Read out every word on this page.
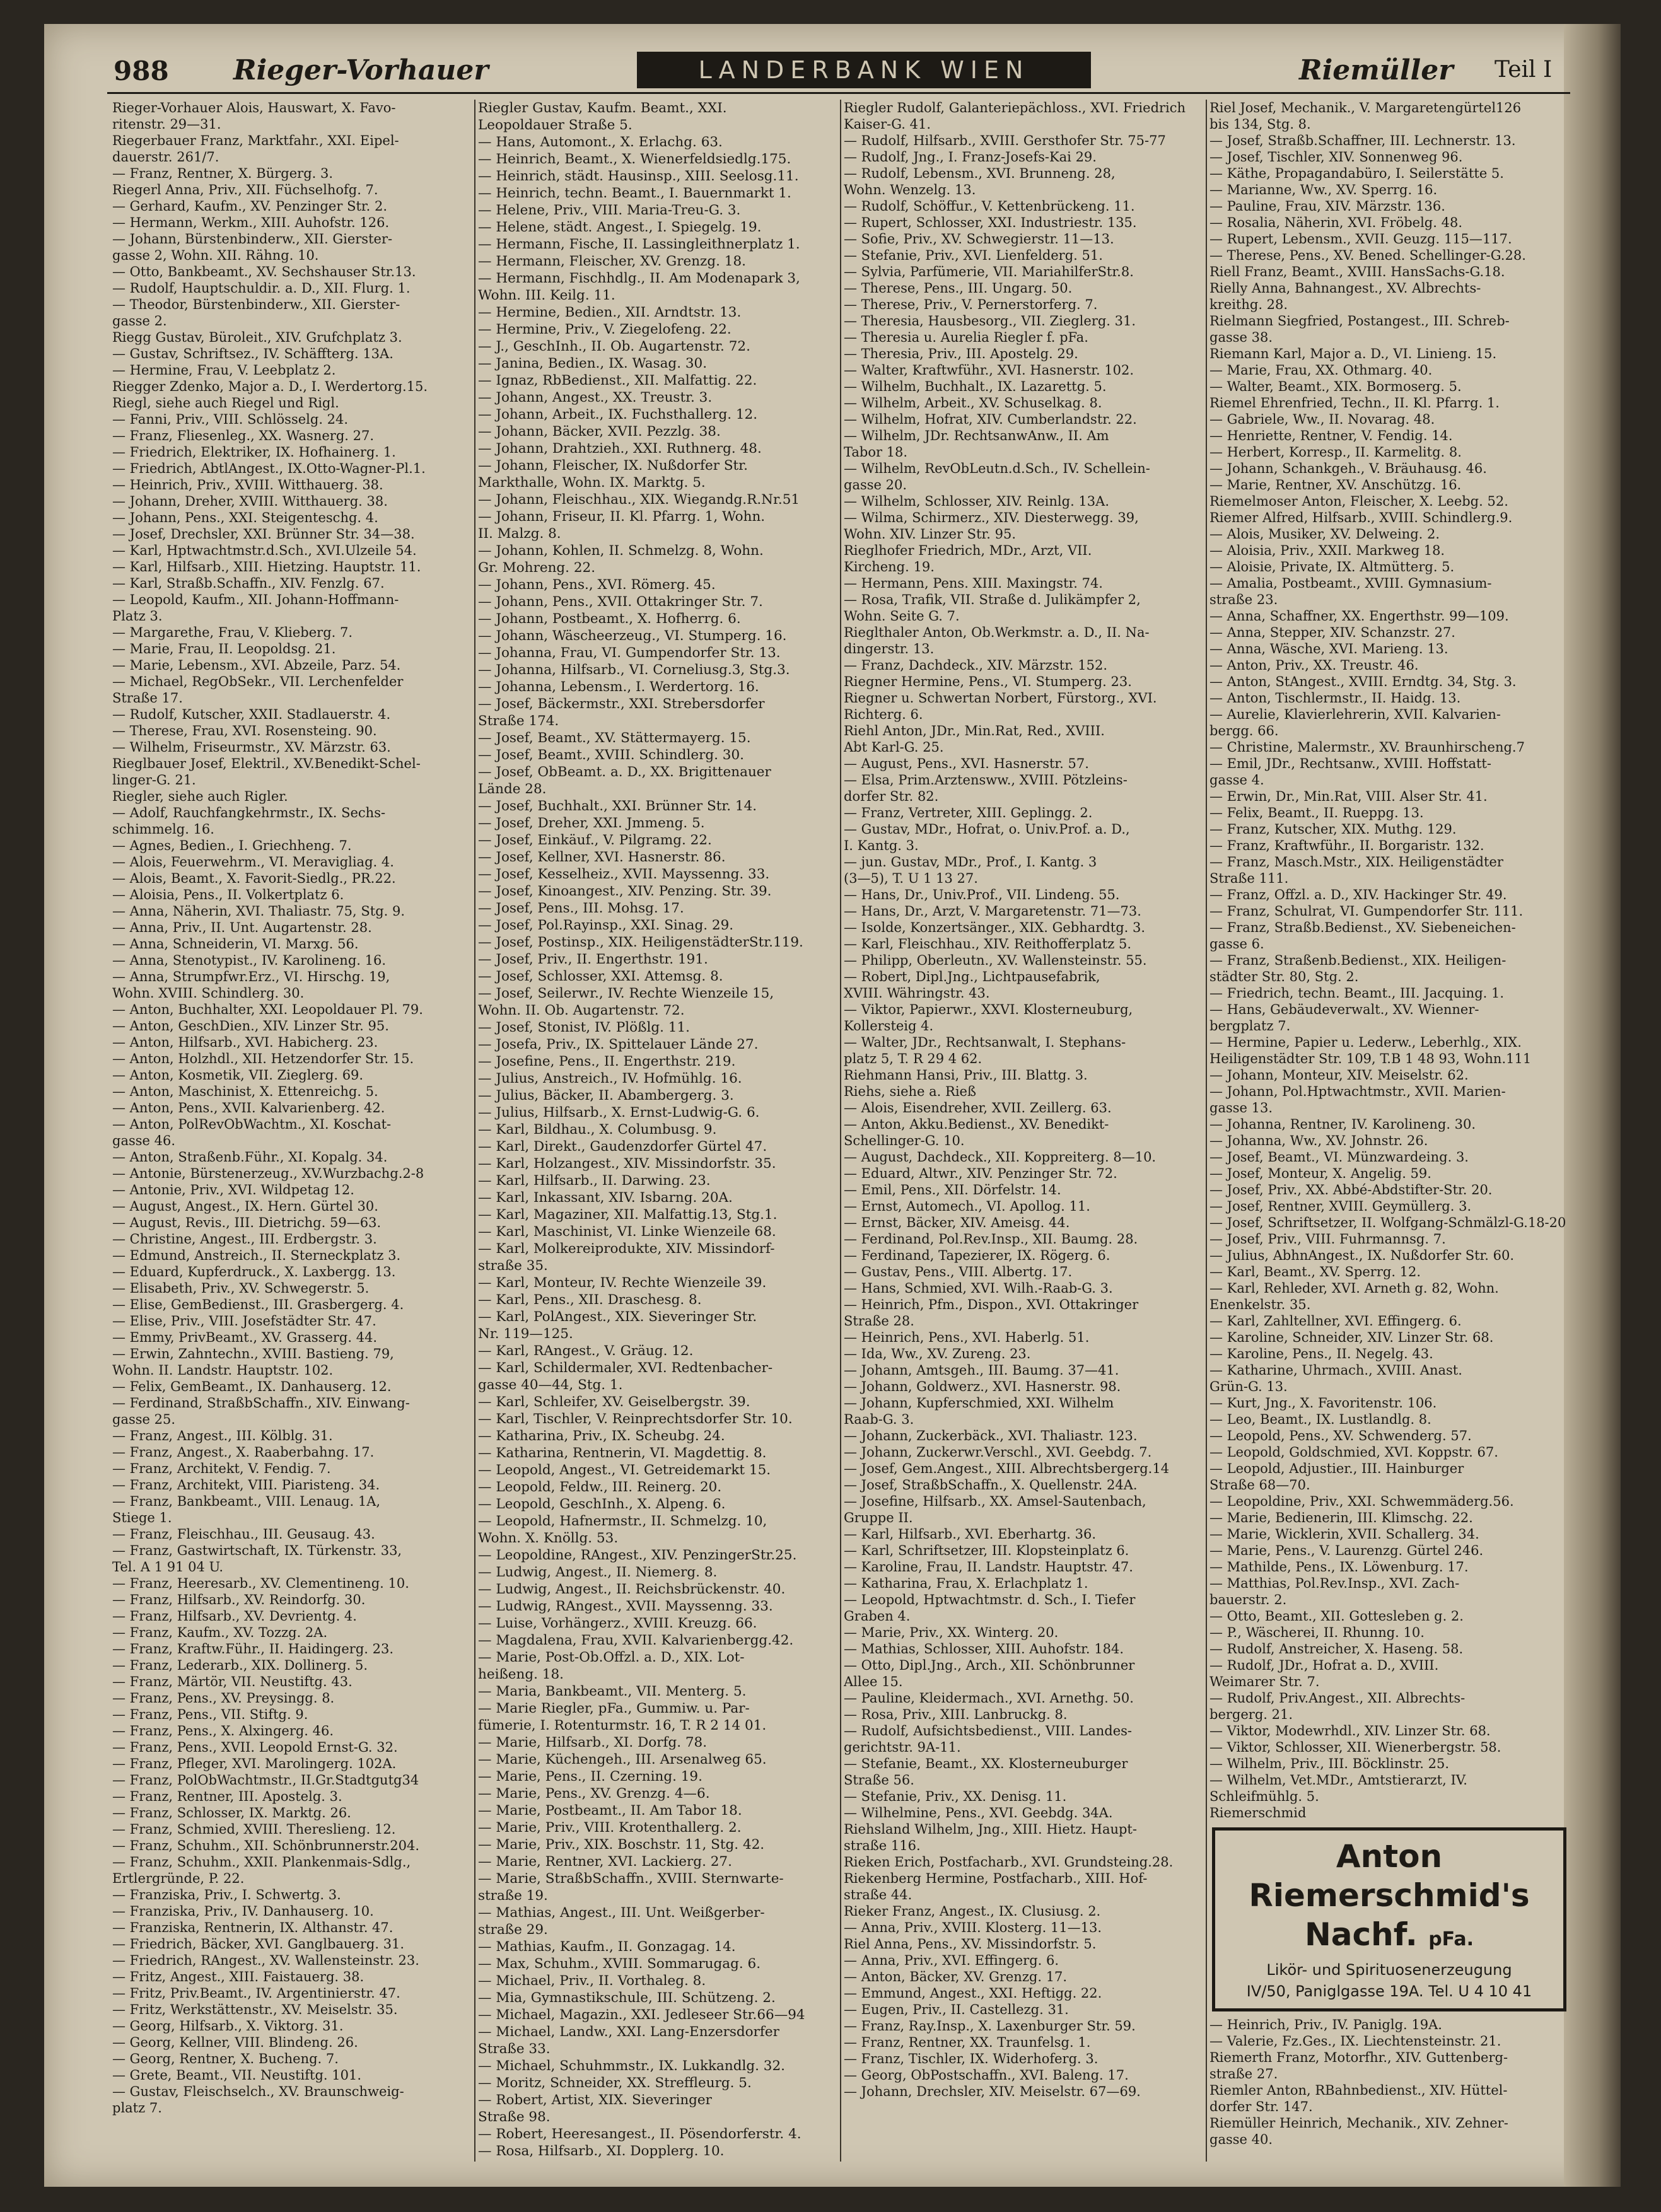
988 Rieger-Vorhauer	LANDERBANK WIEN	Riemüller Teil I
Rieger-Vorhauer Alois, Hauswart, X. Favo-
ritenstr. 29—31.
Riegerbauer Franz, Marktfahr., XXI. Eipel-
dauerstr. 261/7.
— Franz, Rentner, X. Bürgerg. 3.
Riegerl Anna, Priv., XII. Füchselhofg. 7.
— Gerhard, Kaufm., XV. Penzinger Str. 2.
— Hermann, Werkm., XIII. Auhofstr. 126.
— Johann, Bürstenbinderw., XII. Gierster-
gasse 2, Wohn. XII. Rähng. 10.
— Otto, Bankbeamt., XV. Sechshauser Str.13.
— Rudolf, Hauptschuldir. a. D., XII. Flurg. 1.
— Theodor, Bürstenbinderw., XII. Gierster-
gasse 2.
Riegg Gustav, Büroleit., XIV. Grufchplatz 3.
— Gustav, Schriftsez., IV. Schäffterg. 13A.
— Hermine, Frau, V. Leebplatz 2.
Riegger Zdenko, Major a. D., I. Werdertorg.15.
Riegl, siehe auch Riegel und Rigl.
— Fanni, Priv., VIII. Schlösselg. 24.
— Franz, Fliesenleg., XX. Wasnerg. 27.
— Friedrich, Elektriker, IX. Hofhainerg. 1.
— Friedrich, AbtlAngest., IX.Otto-Wagner-Pl.1.
— Heinrich, Priv., XVIII. Witthauerg. 38.
— Johann, Dreher, XVIII. Witthauerg. 38.
— Johann, Pens., XXI. Steigenteschg. 4.
— Josef, Drechsler, XXI. Brünner Str. 34—38.
— Karl, Hptwachtmstr.d.Sch., XVI.Ulzeile 54.
— Karl, Hilfsarb., XIII. Hietzing. Hauptstr. 11.
— Karl, Straßb.Schaffn., XIV. Fenzlg. 67.
— Leopold, Kaufm., XII. Johann-Hoffmann-
Platz 3.
— Margarethe, Frau, V. Klieberg. 7.
— Marie, Frau, II. Leopoldsg. 21.
— Marie, Lebensm., XVI. Abzeile, Parz. 54.
— Michael, RegObSekr., VII. Lerchenfelder
Straße 17.
— Rudolf, Kutscher, XXII. Stadlauerstr. 4.
— Therese, Frau, XVI. Rosensteing. 90.
— Wilhelm, Friseurmstr., XV. Märzstr. 63.
Rieglbauer Josef, Elektril., XV.Benedikt-Schel-
linger-G. 21.
Riegler, siehe auch Rigler.
— Adolf, Rauchfangkehrmstr., IX. Sechs-
schimmelg. 16.
— Agnes, Bedien., I. Griechheng. 7.
— Alois, Feuerwehrm., VI. Meravigliag. 4.
— Alois, Beamt., X. Favorit-Siedlg., PR.22.
— Aloisia, Pens., II. Volkertplatz 6.
— Anna, Näherin, XVI. Thaliastr. 75, Stg. 9.
— Anna, Priv., II. Unt. Augartenstr. 28.
— Anna, Schneiderin, VI. Marxg. 56.
— Anna, Stenotypist., IV. Karolineng. 16.
— Anna, Strumpfwr.Erz., VI. Hirschg. 19,
Wohn. XVIII. Schindlerg. 30.
— Anton, Buchhalter, XXI. Leopoldauer Pl. 79.
— Anton, GeschDien., XIV. Linzer Str. 95.
— Anton, Hilfsarb., XVI. Habicherg. 23.
— Anton, Holzhdl., XII. Hetzendorfer Str. 15.
— Anton, Kosmetik, VII. Zieglerg. 69.
— Anton, Maschinist, X. Ettenreichg. 5.
— Anton, Pens., XVII. Kalvarienberg. 42.
— Anton, PolRevObWachtm., XI. Koschat-
gasse 46.
— Anton, Straßenb.Führ., XI. Kopalg. 34.
— Antonie, Bürstenerzeug., XV.Wurzbachg.2-8
— Antonie, Priv., XVI. Wildpetag 12.
— August, Angest., IX. Hern. Gürtel 30.
— August, Revis., III. Dietrichg. 59—63.
— Christine, Angest., III. Erdbergstr. 3.
— Edmund, Anstreich., II. Sterneckplatz 3.
— Eduard, Kupferdruck., X. Laxbergg. 13.
— Elisabeth, Priv., XV. Schwegerstr. 5.
— Elise, GemBedienst., III. Grasbergerg. 4.
— Elise, Priv., VIII. Josefstädter Str. 47.
— Emmy, PrivBeamt., XV. Grasserg. 44.
— Erwin, Zahntechn., XVIII. Bastieng. 79,
Wohn. II. Landstr. Hauptstr. 102.
— Felix, GemBeamt., IX. Danhauserg. 12.
— Ferdinand, StraßbSchaffn., XIV. Einwang-
gasse 25.
— Franz, Angest., III. Kölblg. 31.
— Franz, Angest., X. Raaberbahng. 17.
— Franz, Architekt, V. Fendig. 7.
— Franz, Architekt, VIII. Piaristeng. 34.
— Franz, Bankbeamt., VIII. Lenaug. 1A,
Stiege 1.
— Franz, Fleischhau., III. Geusaug. 43.
— Franz, Gastwirtschaft, IX. Türkenstr. 33,
Tel. A 1 91 04 U.
— Franz, Heeresarb., XV. Clementineng. 10.
— Franz, Hilfsarb., XV. Reindorfg. 30.
— Franz, Hilfsarb., XV. Devrientg. 4.
— Franz, Kaufm., XV. Tozzg. 2A.
— Franz, Kraftw.Führ., II. Haidingerg. 23.
— Franz, Lederarb., XIX. Dollinerg. 5.
— Franz, Märtör, VII. Neustiftg. 43.
— Franz, Pens., XV. Preysingg. 8.
— Franz, Pens., VII. Stiftg. 9.
— Franz, Pens., X. Alxingerg. 46.
— Franz, Pens., XVII. Leopold Ernst-G. 32.
— Franz, Pfleger, XVI. Marolingerg. 102A.
— Franz, PolObWachtmstr., II.Gr.Stadtgutg34
— Franz, Rentner, III. Apostelg. 3.
— Franz, Schlosser, IX. Marktg. 26.
— Franz, Schmied, XVIII. Thereslieng. 12.
— Franz, Schuhm., XII. Schönbrunnerstr.204.
— Franz, Schuhm., XXII. Plankenmais-Sdlg.,
Ertlergründe, P. 22.
— Franziska, Priv., I. Schwertg. 3.
— Franziska, Priv., IV. Danhauserg. 10.
— Franziska, Rentnerin, IX. Althanstr. 47.
— Friedrich, Bäcker, XVI. Ganglbauerg. 31.
— Friedrich, RAngest., XV. Wallensteinstr. 23.
— Fritz, Angest., XIII. Faistauerg. 38.
— Fritz, Priv.Beamt., IV. Argentinierstr. 47.
— Fritz, Werkstättenstr., XV. Meiselstr. 35.
— Georg, Hilfsarb., X. Viktorg. 31.
— Georg, Kellner, VIII. Blindeng. 26.
— Georg, Rentner, X. Bucheng. 7.
— Grete, Beamt., VII. Neustiftg. 101.
— Gustav, Fleischselch., XV. Braunschweig-
platz 7.
Riegler Gustav, Kaufm. Beamt., XXI.
Leopoldauer Straße 5.
— Hans, Automont., X. Erlachg. 63.
— Heinrich, Beamt., X. Wienerfeldsiedlg.175.
— Heinrich, städt. Hausinsp., XIII. Seelosg.11.
— Heinrich, techn. Beamt., I. Bauernmarkt 1.
— Helene, Priv., VIII. Maria-Treu-G. 3.
— Helene, städt. Angest., I. Spiegelg. 19.
— Hermann, Fische, II. Lassingleithnerplatz 1.
— Hermann, Fleischer, XV. Grenzg. 18.
— Hermann, Fischhdlg., II. Am Modenapark 3,
Wohn. III. Keilg. 11.
— Hermine, Bedien., XII. Arndtstr. 13.
— Hermine, Priv., V. Ziegelofeng. 22.
— J., GeschInh., II. Ob. Augartenstr. 72.
— Janina, Bedien., IX. Wasag. 30.
— Ignaz, RbBedienst., XII. Malfattig. 22.
— Johann, Angest., XX. Treustr. 3.
— Johann, Arbeit., IX. Fuchsthallerg. 12.
— Johann, Bäcker, XVII. Pezzlg. 38.
— Johann, Drahtzieh., XXI. Ruthnerg. 48.
— Johann, Fleischer, IX. Nußdorfer Str.
Markthalle, Wohn. IX. Marktg. 5.
— Johann, Fleischhau., XIX. Wiegandg.R.Nr.51
— Johann, Friseur, II. Kl. Pfarrg. 1, Wohn.
II. Malzg. 8.
— Johann, Kohlen, II. Schmelzg. 8, Wohn.
Gr. Mohreng. 22.
— Johann, Pens., XVI. Römerg. 45.
— Johann, Pens., XVII. Ottakringer Str. 7.
— Johann, Postbeamt., X. Hofherrg. 6.
— Johann, Wäscheerzeug., VI. Stumperg. 16.
— Johanna, Frau, VI. Gumpendorfer Str. 13.
— Johanna, Hilfsarb., VI. Corneliusg.3, Stg.3.
— Johanna, Lebensm., I. Werdertorg. 16.
— Josef, Bäckermstr., XXI. Strebersdorfer
Straße 174.
— Josef, Beamt., XV. Stättermayerg. 15.
— Josef, Beamt., XVIII. Schindlerg. 30.
— Josef, ObBeamt. a. D., XX. Brigittenauer
Lände 28.
— Josef, Buchhalt., XXI. Brünner Str. 14.
— Josef, Dreher, XXI. Jmmeng. 5.
— Josef, Einkäuf., V. Pilgramg. 22.
— Josef, Kellner, XVI. Hasnerstr. 86.
— Josef, Kesselheiz., XVII. Mayssenng. 33.
— Josef, Kinoangest., XIV. Penzing. Str. 39.
— Josef, Pens., III. Mohsg. 17.
— Josef, Pol.Rayinsp., XXI. Sinag. 29.
— Josef, Postinsp., XIX. HeiligenstädterStr.119.
— Josef, Priv., II. Engerthstr. 191.
— Josef, Schlosser, XXI. Attemsg. 8.
— Josef, Seilerwr., IV. Rechte Wienzeile 15,
Wohn. II. Ob. Augartenstr. 72.
— Josef, Stonist, IV. Plößlg. 11.
— Josefa, Priv., IX. Spittelauer Lände 27.
— Josefine, Pens., II. Engerthstr. 219.
— Julius, Anstreich., IV. Hofmühlg. 16.
— Julius, Bäcker, II. Abambergerg. 3.
— Julius, Hilfsarb., X. Ernst-Ludwig-G. 6.
— Karl, Bildhau., X. Columbusg. 9.
— Karl, Direkt., Gaudenzdorfer Gürtel 47.
— Karl, Holzangest., XIV. Missindorfstr. 35.
— Karl, Hilfsarb., II. Darwing. 23.
— Karl, Inkassant, XIV. Isbarng. 20A.
— Karl, Magaziner, XII. Malfattig.13, Stg.1.
— Karl, Maschinist, VI. Linke Wienzeile 68.
— Karl, Molkereiprodukte, XIV. Missindorf-
straße 35.
— Karl, Monteur, IV. Rechte Wienzeile 39.
— Karl, Pens., XII. Draschesg. 8.
— Karl, PolAngest., XIX. Sieveringer Str.
Nr. 119—125.
— Karl, RAngest., V. Gräug. 12.
— Karl, Schildermaler, XVI. Redtenbacher-
gasse 40—44, Stg. 1.
— Karl, Schleifer, XV. Geiselbergstr. 39.
— Karl, Tischler, V. Reinprechtsdorfer Str. 10.
— Katharina, Priv., IX. Scheubg. 24.
— Katharina, Rentnerin, VI. Magdettig. 8.
— Leopold, Angest., VI. Getreidemarkt 15.
— Leopold, Feldw., III. Reinerg. 20.
— Leopold, GeschInh., X. Alpeng. 6.
— Leopold, Hafnermstr., II. Schmelzg. 10,
Wohn. X. Knöllg. 53.
— Leopoldine, RAngest., XIV. PenzingerStr.25.
— Ludwig, Angest., II. Niemerg. 8.
— Ludwig, Angest., II. Reichsbrückenstr. 40.
— Ludwig, RAngest., XVII. Mayssenng. 33.
— Luise, Vorhängerz., XVIII. Kreuzg. 66.
— Magdalena, Frau, XVII. Kalvarienbergg.42.
— Marie, Post-Ob.Offzl. a. D., XIX. Lot-
heißeng. 18.
— Maria, Bankbeamt., VII. Menterg. 5.
— Marie Riegler, pFa., Gummiw. u. Par-
fümerie, I. Rotenturmstr. 16, T. R 2 14 01.
— Marie, Hilfsarb., XI. Dorfg. 78.
— Marie, Küchengeh., III. Arsenalweg 65.
— Marie, Pens., II. Czerning. 19.
— Marie, Pens., XV. Grenzg. 4—6.
— Marie, Postbeamt., II. Am Tabor 18.
— Marie, Priv., VIII. Krotenthallerg. 2.
— Marie, Priv., XIX. Boschstr. 11, Stg. 42.
— Marie, Rentner, XVI. Lackierg. 27.
— Marie, StraßbSchaffn., XVIII. Sternwarte-
straße 19.
— Mathias, Angest., III. Unt. Weißgerber-
straße 29.
— Mathias, Kaufm., II. Gonzagag. 14.
— Max, Schuhm., XVIII. Sommarugag. 6.
— Michael, Priv., II. Vorthaleg. 8.
— Mia, Gymnastikschule, III. Schützeng. 2.
— Michael, Magazin., XXI. Jedleseer Str.66—94
— Michael, Landw., XXI. Lang-Enzersdorfer
Straße 33.
— Michael, Schuhmmstr., IX. Lukkandlg. 32.
— Moritz, Schneider, XX. Streffleurg. 5.
— Robert, Artist, XIX. Sieveringer
Straße 98.
— Robert, Heeresangest., II. Pösendorferstr. 4.
— Rosa, Hilfsarb., XI. Dopplerg. 10.
Riegler Rudolf, Galanteriepächloss., XVI. Friedrich
Kaiser-G. 41.
— Rudolf, Hilfsarb., XVIII. Gersthofer Str. 75-77
— Rudolf, Jng., I. Franz-Josefs-Kai 29.
— Rudolf, Lebensm., XVI. Brunneng. 28,
Wohn. Wenzelg. 13.
— Rudolf, Schöffur., V. Kettenbrückeng. 11.
— Rupert, Schlosser, XXI. Industriestr. 135.
— Sofie, Priv., XV. Schwegierstr. 11—13.
— Stefanie, Priv., XVI. Lienfelderg. 51.
— Sylvia, Parfümerie, VII. MariahilferStr.8.
— Therese, Pens., III. Ungarg. 50.
— Therese, Priv., V. Pernerstorferg. 7.
— Theresia, Hausbesorg., VII. Zieglerg. 31.
— Theresia u. Aurelia Riegler f. pFa.
— Theresia, Priv., III. Apostelg. 29.
— Walter, Kraftwführ., XVI. Hasnerstr. 102.
— Wilhelm, Buchhalt., IX. Lazarettg. 5.
— Wilhelm, Arbeit., XV. Schuselkag. 8.
— Wilhelm, Hofrat, XIV. Cumberlandstr. 22.
— Wilhelm, JDr. RechtsanwAnw., II. Am
Tabor 18.
— Wilhelm, RevObLeutn.d.Sch., IV. Schellein-
gasse 20.
— Wilhelm, Schlosser, XIV. Reinlg. 13A.
— Wilma, Schirmerz., XIV. Diesterwegg. 39,
Wohn. XIV. Linzer Str. 95.
Rieglhofer Friedrich, MDr., Arzt, VII.
Kircheng. 19.
— Hermann, Pens. XIII. Maxingstr. 74.
— Rosa, Trafik, VII. Straße d. Julikämpfer 2,
Wohn. Seite G. 7.
Rieglthaler Anton, Ob.Werkmstr. a. D., II. Na-
dingerstr. 13.
— Franz, Dachdeck., XIV. Märzstr. 152.
Riegner Hermine, Pens., VI. Stumperg. 23.
Riegner u. Schwertan Norbert, Fürstorg., XVI.
Richterg. 6.
Riehl Anton, JDr., Min.Rat, Red., XVIII.
Abt Karl-G. 25.
— August, Pens., XVI. Hasnerstr. 57.
— Elsa, Prim.Arztensww., XVIII. Pötzleins-
dorfer Str. 82.
— Franz, Vertreter, XIII. Geplingg. 2.
— Gustav, MDr., Hofrat, o. Univ.Prof. a. D.,
I. Kantg. 3.
— jun. Gustav, MDr., Prof., I. Kantg. 3
(3—5), T. U 1 13 27.
— Hans, Dr., Univ.Prof., VII. Lindeng. 55.
— Hans, Dr., Arzt, V. Margaretenstr. 71—73.
— Isolde, Konzertsänger., XIX. Gebhardtg. 3.
— Karl, Fleischhau., XIV. Reithofferplatz 5.
— Philipp, Oberleutn., XV. Wallensteinstr. 55.
— Robert, Dipl.Jng., Lichtpausefabrik,
XVIII. Währingstr. 43.
— Viktor, Papierwr., XXVI. Klosterneuburg,
Kollersteig 4.
— Walter, JDr., Rechtsanwalt, I. Stephans-
platz 5, T. R 29 4 62.
Riehmann Hansi, Priv., III. Blattg. 3.
Riehs, siehe a. Rieß
— Alois, Eisendreher, XVII. Zeillerg. 63.
— Anton, Akku.Bedienst., XV. Benedikt-
Schellinger-G. 10.
— August, Dachdeck., XII. Koppreiterg. 8—10.
— Eduard, Altwr., XIV. Penzinger Str. 72.
— Emil, Pens., XII. Dörfelstr. 14.
— Ernst, Automech., VI. Apollog. 11.
— Ernst, Bäcker, XIV. Ameisg. 44.
— Ferdinand, Pol.Rev.Insp., XII. Baumg. 28.
— Ferdinand, Tapezierer, IX. Rögerg. 6.
— Gustav, Pens., VIII. Albertg. 17.
— Hans, Schmied, XVI. Wilh.-Raab-G. 3.
— Heinrich, Pfm., Dispon., XVI. Ottakringer
Straße 28.
— Heinrich, Pens., XVI. Haberlg. 51.
— Ida, Ww., XV. Zureng. 23.
— Johann, Amtsgeh., III. Baumg. 37—41.
— Johann, Goldwerz., XVI. Hasnerstr. 98.
— Johann, Kupferschmied, XXI. Wilhelm
Raab-G. 3.
— Johann, Zuckerbäck., XVI. Thaliastr. 123.
— Johann, Zuckerwr.Verschl., XVI. Geebdg. 7.
— Josef, Gem.Angest., XIII. Albrechtsbergerg.14
— Josef, StraßbSchaffn., X. Quellenstr. 24A.
— Josefine, Hilfsarb., XX. Amsel-Sautenbach,
Gruppe II.
— Karl, Hilfsarb., XVI. Eberhartg. 36.
— Karl, Schriftsetzer, III. Klopsteinplatz 6.
— Karoline, Frau, II. Landstr. Hauptstr. 47.
— Katharina, Frau, X. Erlachplatz 1.
— Leopold, Hptwachtmstr. d. Sch., I. Tiefer
Graben 4.
— Marie, Priv., XX. Winterg. 20.
— Mathias, Schlosser, XIII. Auhofstr. 184.
— Otto, Dipl.Jng., Arch., XII. Schönbrunner
Allee 15.
— Pauline, Kleidermach., XVI. Arnethg. 50.
— Rosa, Priv., XIII. Lanbruckg. 8.
— Rudolf, Aufsichtsbedienst., VIII. Landes-
gerichtstr. 9A-11.
— Stefanie, Beamt., XX. Klosterneuburger
Straße 56.
— Stefanie, Priv., XX. Denisg. 11.
— Wilhelmine, Pens., XVI. Geebdg. 34A.
Riehsland Wilhelm, Jng., XIII. Hietz. Haupt-
straße 116.
Rieken Erich, Postfacharb., XVI. Grundsteing.28.
Riekenberg Hermine, Postfacharb., XIII. Hof-
straße 44.
Rieker Franz, Angest., IX. Clusiusg. 2.
— Anna, Priv., XVIII. Klosterg. 11—13.
Riel Anna, Pens., XV. Missindorfstr. 5.
— Anna, Priv., XVI. Effingerg. 6.
— Anton, Bäcker, XV. Grenzg. 17.
— Emmund, Angest., XXI. Heftigg. 22.
— Eugen, Priv., II. Castellezg. 31.
— Franz, Ray.Insp., X. Laxenburger Str. 59.
— Franz, Rentner, XX. Traunfelsg. 1.
— Franz, Tischler, IX. Widerhoferg. 3.
— Georg, ObPostschaffn., XVI. Baleng. 17.
— Johann, Drechsler, XIV. Meiselstr. 67—69.
Riel Josef, Mechanik., V. Margaretengürtel126
bis 134, Stg. 8.
— Josef, Straßb.Schaffner, III. Lechnerstr. 13.
— Josef, Tischler, XIV. Sonnenweg 96.
— Käthe, Propagandabüro, I. Seilerstätte 5.
— Marianne, Ww., XV. Sperrg. 16.
— Pauline, Frau, XIV. Märzstr. 136.
— Rosalia, Näherin, XVI. Fröbelg. 48.
— Rupert, Lebensm., XVII. Geuzg. 115—117.
— Therese, Pens., XV. Bened. Schellinger-G.28.
Riell Franz, Beamt., XVIII. HansSachs-G.18.
Rielly Anna, Bahnangest., XV. Albrechts-
kreithg. 28.
Rielmann Siegfried, Postangest., III. Schreb-
gasse 38.
Riemann Karl, Major a. D., VI. Linieng. 15.
— Marie, Frau, XX. Othmarg. 40.
— Walter, Beamt., XIX. Bormoserg. 5.
Riemel Ehrenfried, Techn., II. Kl. Pfarrg. 1.
— Gabriele, Ww., II. Novarag. 48.
— Henriette, Rentner, V. Fendig. 14.
— Herbert, Korresp., II. Karmelitg. 8.
— Johann, Schankgeh., V. Bräuhausg. 46.
— Marie, Rentner, XV. Anschützg. 16.
Riemelmoser Anton, Fleischer, X. Leebg. 52.
Riemer Alfred, Hilfsarb., XVIII. Schindlerg.9.
— Alois, Musiker, XV. Delweing. 2.
— Aloisia, Priv., XXII. Markweg 18.
— Aloisie, Private, IX. Altmütterg. 5.
— Amalia, Postbeamt., XVIII. Gymnasium-
straße 23.
— Anna, Schaffner, XX. Engerthstr. 99—109.
— Anna, Stepper, XIV. Schanzstr. 27.
— Anna, Wäsche, XVI. Marieng. 13.
— Anton, Priv., XX. Treustr. 46.
— Anton, StAngest., XVIII. Erndtg. 34, Stg. 3.
— Anton, Tischlermstr., II. Haidg. 13.
— Aurelie, Klavierlehrerin, XVII. Kalvarien-
bergg. 66.
— Christine, Malermstr., XV. Braunhirscheng.7
— Emil, JDr., Rechtsanw., XVIII. Hoffstatt-
gasse 4.
— Erwin, Dr., Min.Rat, VIII. Alser Str. 41.
— Felix, Beamt., II. Rueppg. 13.
— Franz, Kutscher, XIX. Muthg. 129.
— Franz, Kraftwführ., II. Borgaristr. 132.
— Franz, Masch.Mstr., XIX. Heiligenstädter
Straße 111.
— Franz, Offzl. a. D., XIV. Hackinger Str. 49.
— Franz, Schulrat, VI. Gumpendorfer Str. 111.
— Franz, Straßb.Bedienst., XV. Siebeneichen-
gasse 6.
— Franz, Straßenb.Bedienst., XIX. Heiligen-
städter Str. 80, Stg. 2.
— Friedrich, techn. Beamt., III. Jacquing. 1.
— Hans, Gebäudeverwalt., XV. Wienner-
bergplatz 7.
— Hermine, Papier u. Lederw., Leberhlg., XIX.
Heiligenstädter Str. 109, T.B 1 48 93, Wohn.111
— Johann, Monteur, XIV. Meiselstr. 62.
— Johann, Pol.Hptwachtmstr., XVII. Marien-
gasse 13.
— Johanna, Rentner, IV. Karolineng. 30.
— Johanna, Ww., XV. Johnstr. 26.
— Josef, Beamt., VI. Münzwardeing. 3.
— Josef, Monteur, X. Angelig. 59.
— Josef, Priv., XX. Abbé-Abdstifter-Str. 20.
— Josef, Rentner, XVIII. Geymüllerg. 3.
— Josef, Schriftsetzer, II. Wolfgang-Schmälzl-G.18-20
— Josef, Priv., VIII. Fuhrmannsg. 7.
— Julius, AbhnAngest., IX. Nußdorfer Str. 60.
— Karl, Beamt., XV. Sperrg. 12.
— Karl, Rehleder, XVI. Arneth g. 82, Wohn.
Enenkelstr. 35.
— Karl, Zahltellner, XVI. Effingerg. 6.
— Karoline, Schneider, XIV. Linzer Str. 68.
— Karoline, Pens., II. Negelg. 43.
— Katharine, Uhrmach., XVIII. Anast.
Grün-G. 13.
— Kurt, Jng., X. Favoritenstr. 106.
— Leo, Beamt., IX. Lustlandlg. 8.
— Leopold, Pens., XV. Schwenderg. 57.
— Leopold, Goldschmied, XVI. Koppstr. 67.
— Leopold, Adjustier., III. Hainburger
Straße 68—70.
— Leopoldine, Priv., XXI. Schwemmäderg.56.
— Marie, Bedienerin, III. Klimschg. 22.
— Marie, Wicklerin, XVII. Schallerg. 34.
— Marie, Pens., V. Laurenzg. Gürtel 246.
— Mathilde, Pens., IX. Löwenburg. 17.
— Matthias, Pol.Rev.Insp., XVI. Zach-
bauerstr. 2.
— Otto, Beamt., XII. Gottesleben g. 2.
— P., Wäscherei, II. Rhunng. 10.
— Rudolf, Anstreicher, X. Haseng. 58.
— Rudolf, JDr., Hofrat a. D., XVIII.
Weimarer Str. 7.
— Rudolf, Priv.Angest., XII. Albrechts-
bergerg. 21.
— Viktor, Modewrhdl., XIV. Linzer Str. 68.
— Viktor, Schlosser, XII. Wienerbergstr. 58.
— Wilhelm, Priv., III. Böcklinstr. 25.
— Wilhelm, Vet.MDr., Amtstierarzt, IV.
Schleifmühlg. 5.
Riemerschmid
Anton Riemerschmid's
Nachf. pFa.
Likör- und Spirituosenerzeugung
IV/50, Paniglgasse 19A. Tel. U 4 10 41
— Heinrich, Priv., IV. Paniglg. 19A.
— Valerie, Fz.Ges., IX. Liechtensteinstr. 21.
Riemerth Franz, Motorfhr., XIV. Guttenberg-
straße 27.
Riemler Anton, RBahnbedienst., XIV. Hüttel-
dorfer Str. 147.
Riemüller Heinrich, Mechanik., XIV. Zehner-
gasse 40.
